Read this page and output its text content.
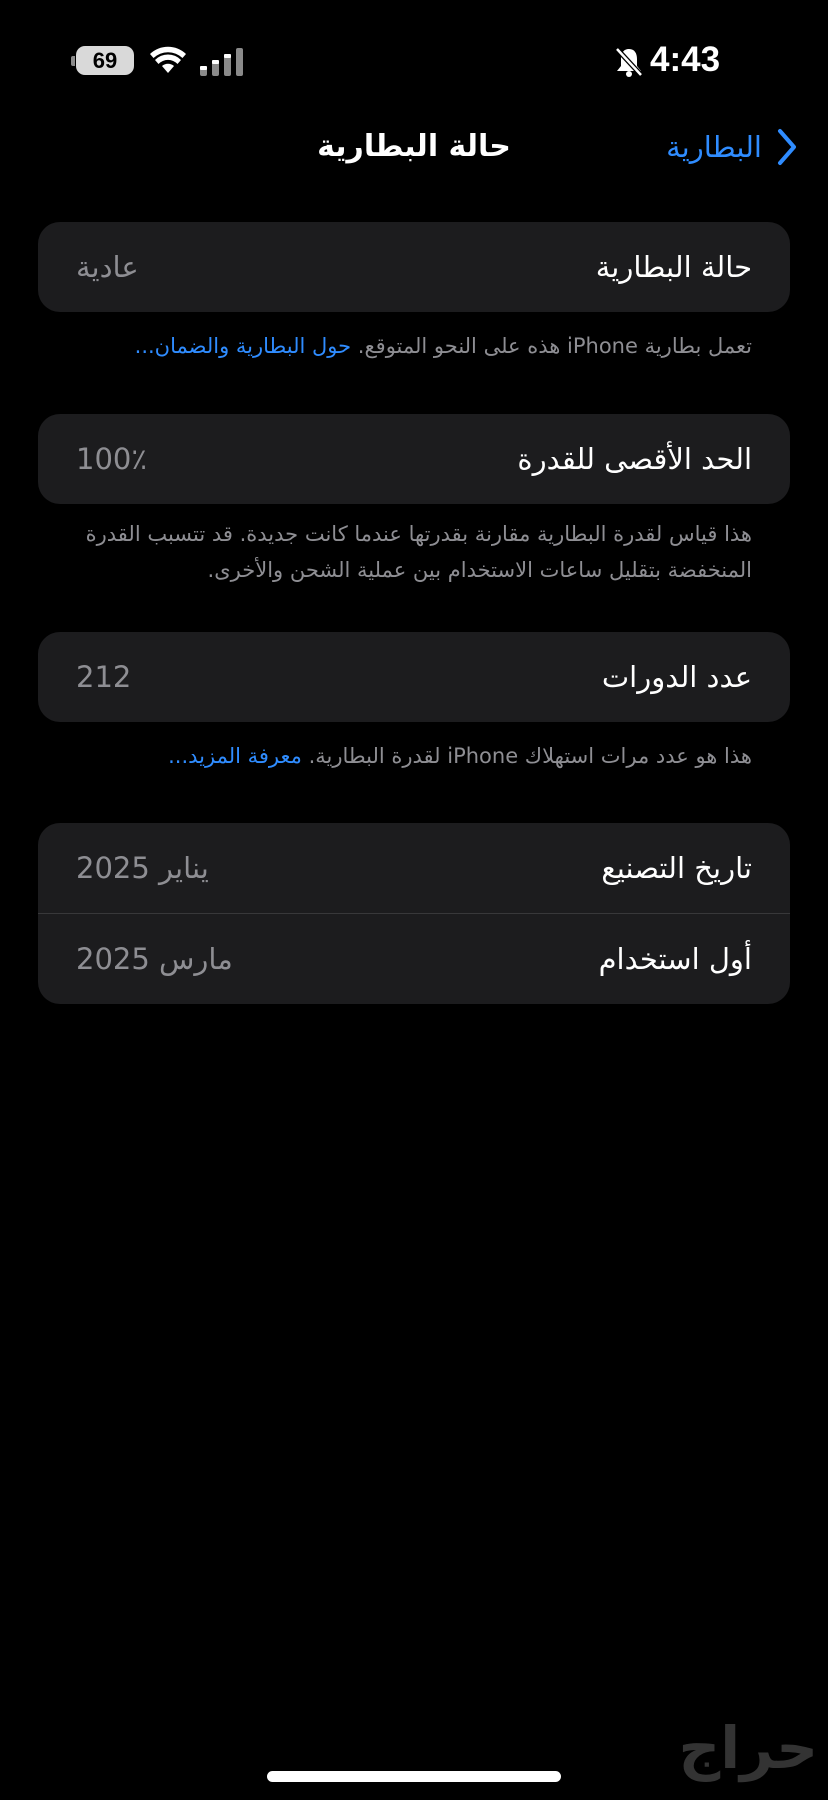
69	4:43
حالة البطارية	البطارية
حالة البطارية
عادية
تعمل بطارية iPhone هذه على النحو المتوقع. حول البطارية والضمان...
الحد الأقصى للقدرة
100٪
هذا قياس لقدرة البطارية مقارنة بقدرتها عندما كانت جديدة. قد تتسبب القدرة المنخفضة بتقليل ساعات الاستخدام بين عملية الشحن والأخرى.
عدد الدورات
212
هذا هو عدد مرات استهلاك iPhone لقدرة البطارية. معرفة المزيد...
تاريخ التصنيع
يناير 2025
أول استخدام
مارس 2025
حراج
